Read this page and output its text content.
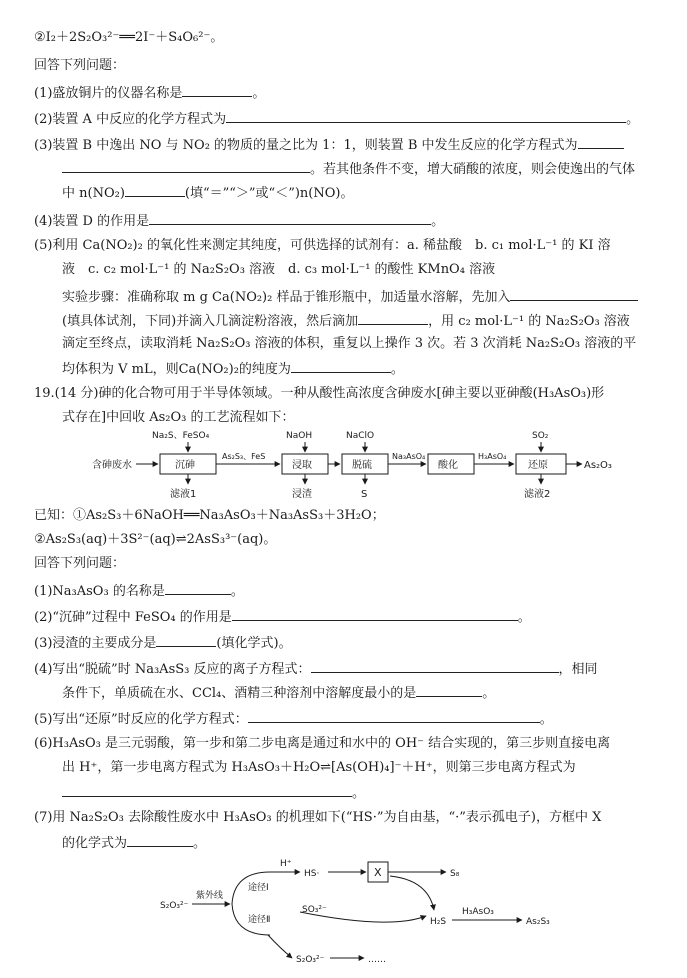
②I₂＋2S₂O₃²⁻══2I⁻＋S₄O₆²⁻。
回答下列问题：
(1)盛放铜片的仪器名称是	。
(2)装置 A 中反应的化学方程式为	。
(3)装置 B 中逸出 NO 与 NO₂ 的物质的量之比为 1：1，则装置 B 中发生反应的化学方程式为
。若其他条件不变，增大硝酸的浓度，则会使逸出的气体
中 n(NO₂)	(填“＝”“＞”或“＜”)n(NO)。
(4)装置 D 的作用是	。
(5)利用 Ca(NO₂)₂ 的氧化性来测定其纯度，可供选择的试剂有：a. 稀盐酸　b. c₁ mol·L⁻¹ 的 KI 溶
液　c. c₂ mol·L⁻¹ 的 Na₂S₂O₃ 溶液　d. c₃ mol·L⁻¹ 的酸性 KMnO₄ 溶液
实验步骤：准确称取 m g Ca(NO₂)₂ 样品于锥形瓶中，加适量水溶解，先加入
(填具体试剂，下同)并滴入几滴淀粉溶液，然后滴加	，用 c₂ mol·L⁻¹ 的 Na₂S₂O₃ 溶液
滴定至终点，读取消耗 Na₂S₂O₃ 溶液的体积，重复以上操作 3 次。若 3 次消耗 Na₂S₂O₃ 溶液的平
均体积为 V mL，则Ca(NO₂)₂的纯度为	。
19.(14 分)砷的化合物可用于半导体领域。一种从酸性高浓度含砷废水[砷主要以亚砷酸(H₃AsO₃)形
式存在]中回收 As₂O₃ 的工艺流程如下：
含砷废水	沉砷
Na₂S、FeSO₄
滤液1
As₂S₃、FeS
浸取
NaOH
浸渣
脱硫
NaClO
S
Na₃AsO₄
酸化
H₃AsO₄
还原
SO₂
滤液2
As₂O₃
S₂O₃²⁻
紫外线
途径Ⅰ
途径Ⅱ
H⁺
HS·	X	S₈
SO₃²⁻
H₂S
H₃AsO₃
As₂S₃
S₂O₃²⁻	……
已知：①As₂S₃＋6NaOH══Na₃AsO₃＋Na₃AsS₃＋3H₂O；
②As₂S₃(aq)＋3S²⁻(aq)⇌2AsS₃³⁻(aq)。
回答下列问题：
(1)Na₃AsO₃ 的名称是	。
(2)“沉砷”过程中 FeSO₄ 的作用是	。
(3)浸渣的主要成分是	(填化学式)。
(4)写出“脱硫”时 Na₃AsS₃ 反应的离子方程式：	，相同
条件下，单质硫在水、CCl₄、酒精三种溶剂中溶解度最小的是	。
(5)写出“还原”时反应的化学方程式：	。
(6)H₃AsO₃ 是三元弱酸，第一步和第二步电离是通过和水中的 OH⁻ 结合实现的，第三步则直接电离
出 H⁺，第一步电离方程式为 H₃AsO₃＋H₂O⇌[As(OH)₄]⁻＋H⁺，则第三步电离方程式为
。
(7)用 Na₂S₂O₃ 去除酸性废水中 H₃AsO₃ 的机理如下(“HS·”为自由基，“·”表示孤电子)，方框中 X
的化学式为	。
